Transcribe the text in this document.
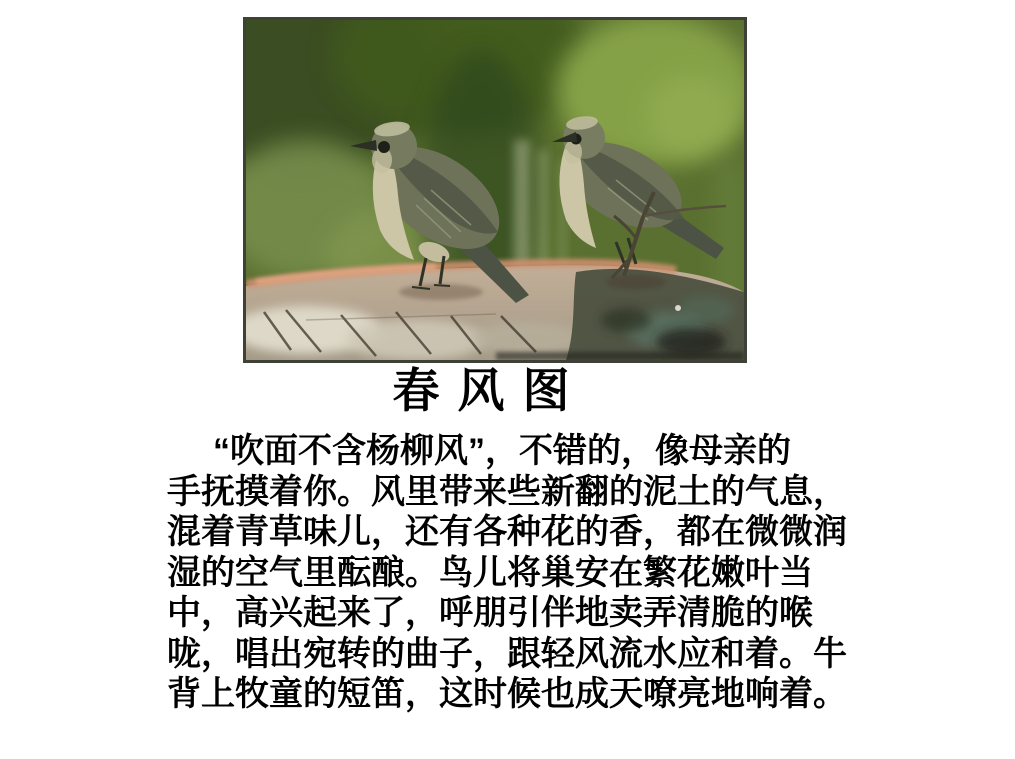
春风图
“吹面不含杨柳风”，不错的，像母亲的
手抚摸着你。风里带来些新翻的泥土的气息，
混着青草味儿，还有各种花的香，都在微微润
湿的空气里酝酿。鸟儿将巢安在繁花嫩叶当
中，高兴起来了，呼朋引伴地卖弄清脆的喉
咙，唱出宛转的曲子，跟轻风流水应和着。牛
背上牧童的短笛，这时候也成天嘹亮地响着。
